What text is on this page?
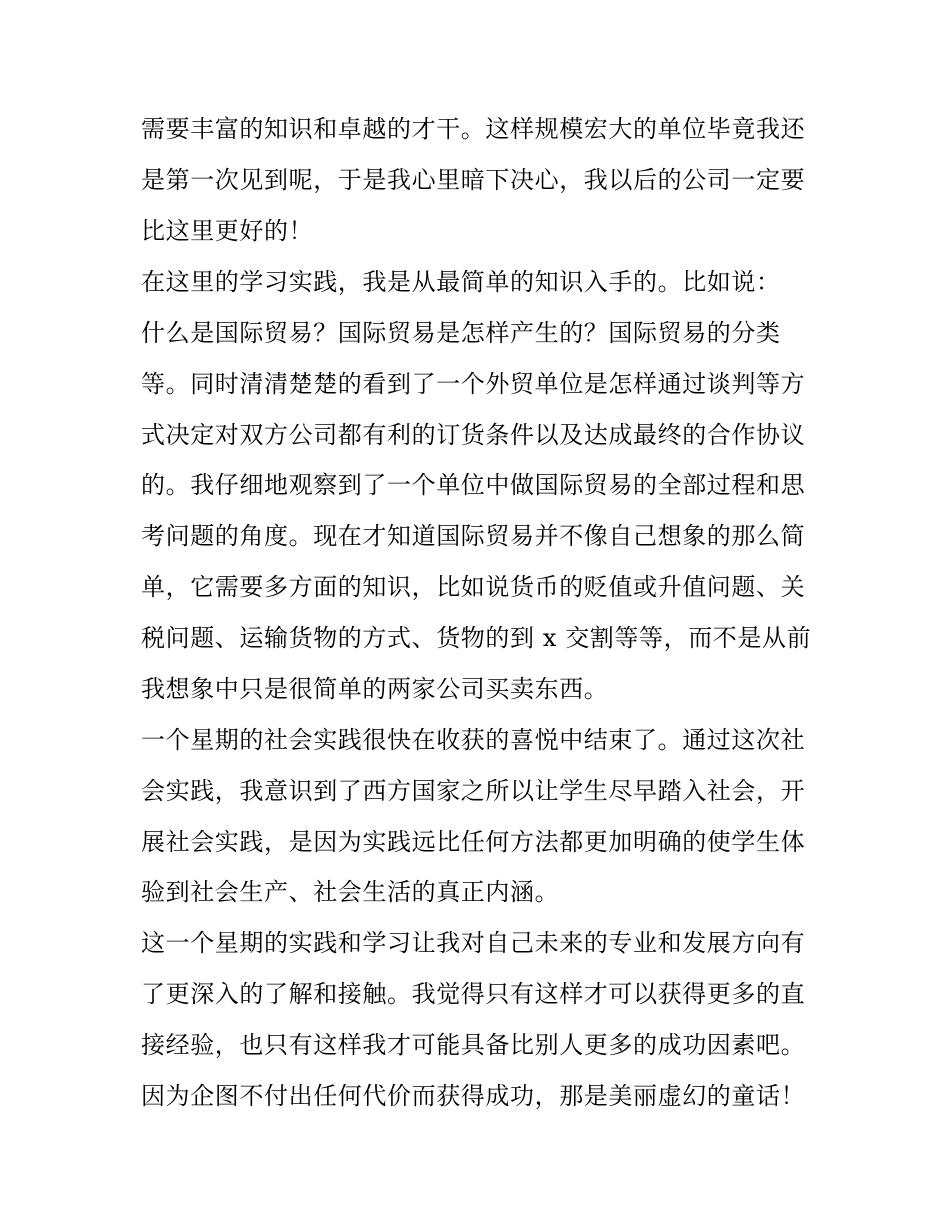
需要丰富的知识和卓越的才干。这样规模宏大的单位毕竟我还
是第一次见到呢，于是我心里暗下决心，我以后的公司一定要
比这里更好的！
在这里的学习实践，我是从最简单的知识入手的。比如说：
什么是国际贸易？国际贸易是怎样产生的？国际贸易的分类
等。同时清清楚楚的看到了一个外贸单位是怎样通过谈判等方
式决定对双方公司都有利的订货条件以及达成最终的合作协议
的。我仔细地观察到了一个单位中做国际贸易的全部过程和思
考问题的角度。现在才知道国际贸易并不像自己想象的那么简
单，它需要多方面的知识，比如说货币的贬值或升值问题、关
税问题、运输货物的方式、货物的到 x 交割等等，而不是从前
我想象中只是很简单的两家公司买卖东西。
一个星期的社会实践很快在收获的喜悦中结束了。通过这次社
会实践，我意识到了西方国家之所以让学生尽早踏入社会，开
展社会实践，是因为实践远比任何方法都更加明确的使学生体
验到社会生产、社会生活的真正内涵。
这一个星期的实践和学习让我对自己未来的专业和发展方向有
了更深入的了解和接触。我觉得只有这样才可以获得更多的直
接经验，也只有这样我才可能具备比别人更多的成功因素吧。
因为企图不付出任何代价而获得成功，那是美丽虚幻的童话！
